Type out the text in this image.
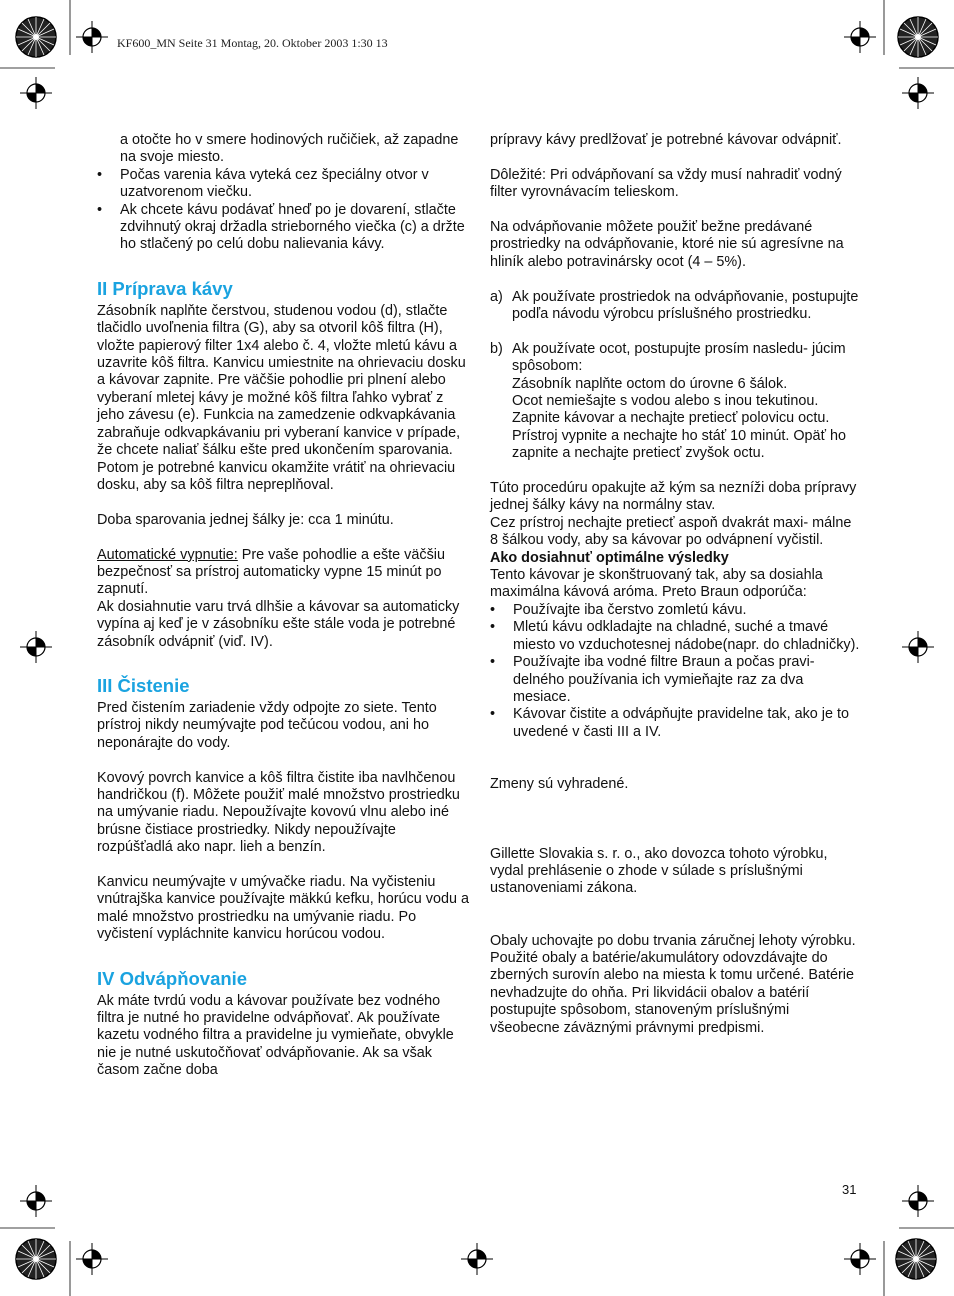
KF600_MN Seite 31 Montag, 20. Oktober 2003 1:30 13

a otočte ho v smere hodinových ručičiek, až zapadne na svoje miesto.

• Počas varenia káva vyteká cez špeciálny otvor v uzatvorenom viečku.
• Ak chcete kávu podávať hneď po je dovarení, stlačte zdvihnutý okraj držadla strieborného viečka (c) a držte ho stlačený po celú dobu nalievania kávy.
II Príprava kávy

Zásobník naplňte čerstvou, studenou vodou (d), stlačte tlačidlo uvoľnenia filtra (G), aby sa otvoril kôš filtra (H), vložte papierový filter 1x4 alebo č. 4, vložte mletú kávu a uzavrite kôš filtra. Kanvicu umiestnite na ohrievaciu dosku a kávovar zapnite. Pre väčšie pohodlie pri plnení alebo vyberaní mletej kávy je možné kôš filtra ľahko vybrať z jeho závesu (e). Funkcia na zamedzenie odkvapkávania zabraňuje odkvapkávaniu pri vyberaní kanvice v prípade, že chcete naliať šálku ešte pred ukončením sparovania. Potom je potrebné kanvicu okamžite vrátiť na ohrievaciu dosku, aby sa kôš filtra nepreplňoval.

Doba sparovania jednej šálky je: cca 1 minútu.

Automatické vypnutie: Pre vaše pohodlie a ešte väčšiu bezpečnosť sa prístroj automaticky vypne 15 minút po zapnutí.

Ak dosiahnutie varu trvá dlhšie a kávovar sa automaticky vypína aj keď je v zásobníku ešte stále voda je potrebné zásobník odvápniť (viď. IV).

III Čistenie

Pred čistením zariadenie vždy odpojte zo siete. Tento prístroj nikdy neumývajte pod tečúcou vodou, ani ho neponárajte do vody.

Kovový povrch kanvice a kôš filtra čistite iba navlhčenou handričkou (f). Môžete použiť malé množstvo prostriedku na umývanie riadu. Nepoužívajte kovovú vlnu alebo iné brúsne čistiace prostriedky. Nikdy nepoužívajte rozpúšťadlá ako napr. lieh a benzín.

Kanvicu neumývajte v umývačke riadu. Na vyčisteniu vnútrajška kanvice používajte mäkkú kefku, horúcu vodu a malé množstvo prostriedku na umývanie riadu. Po vyčistení vypláchnite kanvicu horúcou vodou.

IV Odvápňovanie

Ak máte tvrdú vodu a kávovar používate bez vodného filtra je nutné ho pravidelne odvápňovať. Ak používate kazetu vodného filtra a pravidelne ju vymieňate, obvykle nie je nutné uskutočňovať odvápňovanie. Ak sa však časom začne doba

prípravy kávy predlžovať je potrebné kávovar odvápniť.

Dôležité: Pri odvápňovaní sa vždy musí nahradiť vodný filter vyrovnávacím telieskom.

Na odvápňovanie môžete použiť bežne predávané prostriedky na odvápňovanie, ktoré nie sú agresívne na hliník alebo potravinársky ocot (4 – 5%).

a) Ak používate prostriedok na odvápňovanie, postupujte podľa návodu výrobcu príslušného prostriedku.
b) Ak používate ocot, postupujte prosím nasledu- júcim spôsobom:

Zásobník naplňte octom do úrovne 6 šálok.

Ocot nemiešajte s vodou alebo s inou tekutinou.

Zapnite kávovar a nechajte pretiecť polovicu octu.

Prístroj vypnite a nechajte ho stáť 10 minút. Opäť ho zapnite a nechajte pretiecť zvyšok octu.

Túto procedúru opakujte až kým sa nezníži doba prípravy jednej šálky kávy na normálny stav.

Cez prístroj nechajte pretiecť aspoň dvakrát maxi- málne 8 šálkou vody, aby sa kávovar po odvápnení vyčistil.

Ako dosiahnuť optimálne výsledky

Tento kávovar je skonštruovaný tak, aby sa dosiahla maximálna kávová aróma. Preto Braun odporúča:

• Používajte iba čerstvo zomletú kávu.
• Mletú kávu odkladajte na chladné, suché a tmavé miesto vo vzduchotesnej nádobe(napr. do chladničky).
• Používajte iba vodné filtre Braun a počas pravi- delného používania ich vymieňajte raz za dva mesiace.
• Kávovar čistite a odvápňujte pravidelne tak, ako je to uvedené v časti III a IV.

Zmeny sú vyhradené.

Gillette Slovakia s. r. o., ako dovozca tohoto výrobku, vydal prehlásenie o zhode v súlade s príslušnými ustanoveniami zákona.

Obaly uchovajte po dobu trvania záručnej lehoty výrobku.

Použité obaly a batérie/akumulátory odovzdávajte do zberných surovín alebo na miesta k tomu určené. Batérie nevhadzujte do ohňa. Pri likvidácii obalov a batérií postupujte spôsobom, stanoveným príslušnými všeobecne záväznými právnymi predpismi.

31
